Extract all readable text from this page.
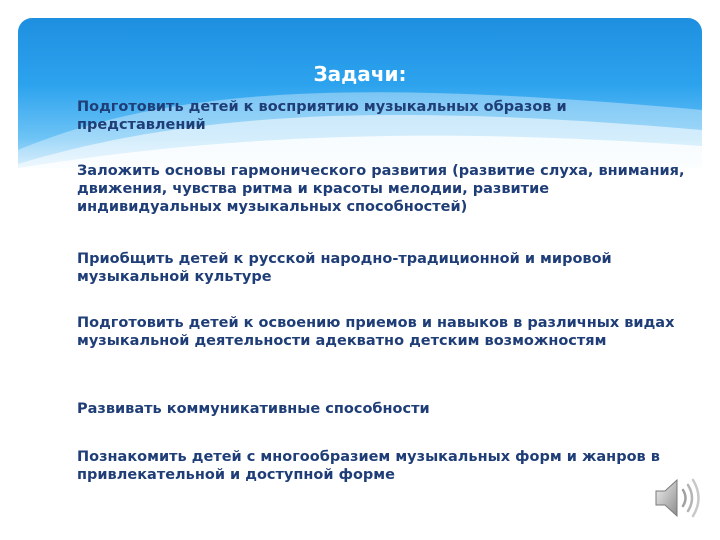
Задачи:
Подготовить детей к восприятию музыкальных образов и представлений
Заложить основы гармонического развития (развитие слуха, внимания, движения, чувства ритма и красоты мелодии, развитие индивидуальных музыкальных способностей)
Приобщить детей к русской народно-традиционной и мировой музыкальной культуре
Подготовить детей к освоению приемов и навыков в различных видах музыкальной деятельности адекватно детским возможностям
Развивать коммуникативные способности
Познакомить детей с многообразием музыкальных форм и жанров в привлекательной и доступной форме
